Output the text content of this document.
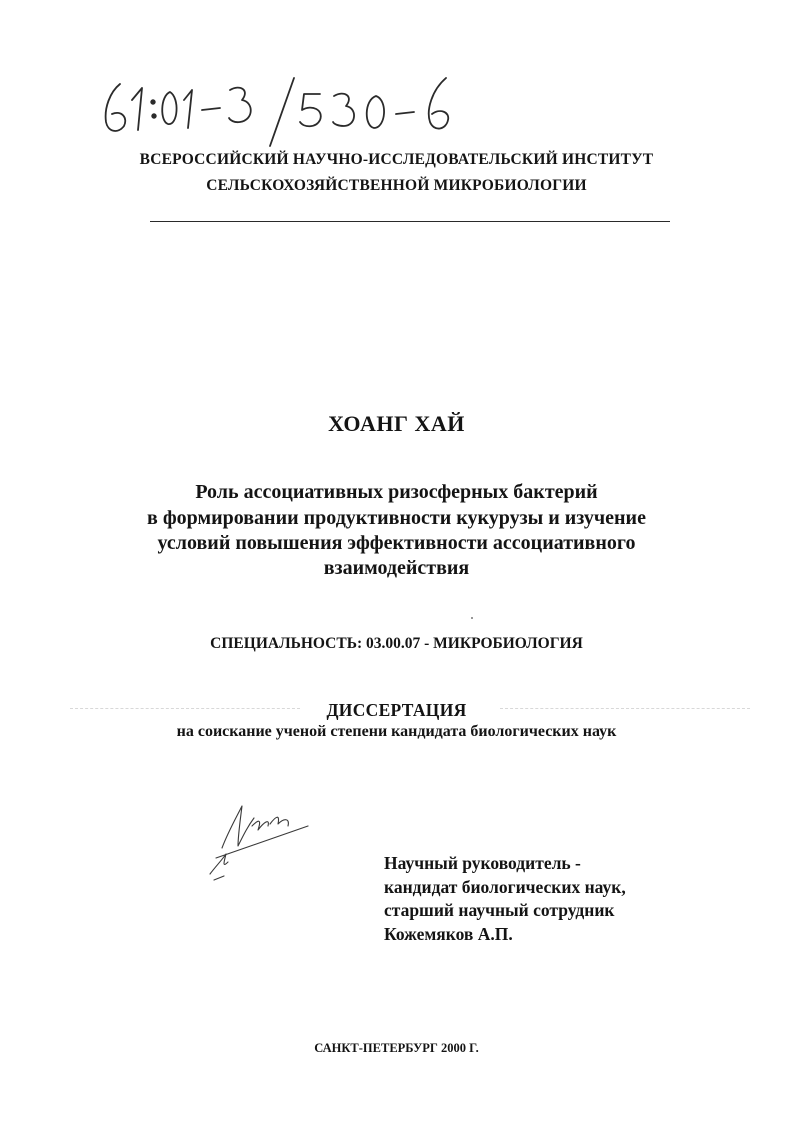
ВСЕРОССИЙСКИЙ НАУЧНО-ИССЛЕДОВАТЕЛЬСКИЙ ИНСТИТУТ
СЕЛЬСКОХОЗЯЙСТВЕННОЙ МИКРОБИОЛОГИИ
ХОАНГ ХАЙ
Роль ассоциативных ризосферных бактерий
в формировании продуктивности кукурузы и изучение
условий повышения эффективности ассоциативного
взаимодействия
СПЕЦИАЛЬНОСТЬ: 03.00.07 - МИКРОБИОЛОГИЯ
ДИССЕРТАЦИЯ
на соискание ученой степени кандидата биологических наук
Научный руководитель -
кандидат биологических наук,
старший научный сотрудник
Кожемяков А.П.
САНКТ-ПЕТЕРБУРГ 2000 Г.
